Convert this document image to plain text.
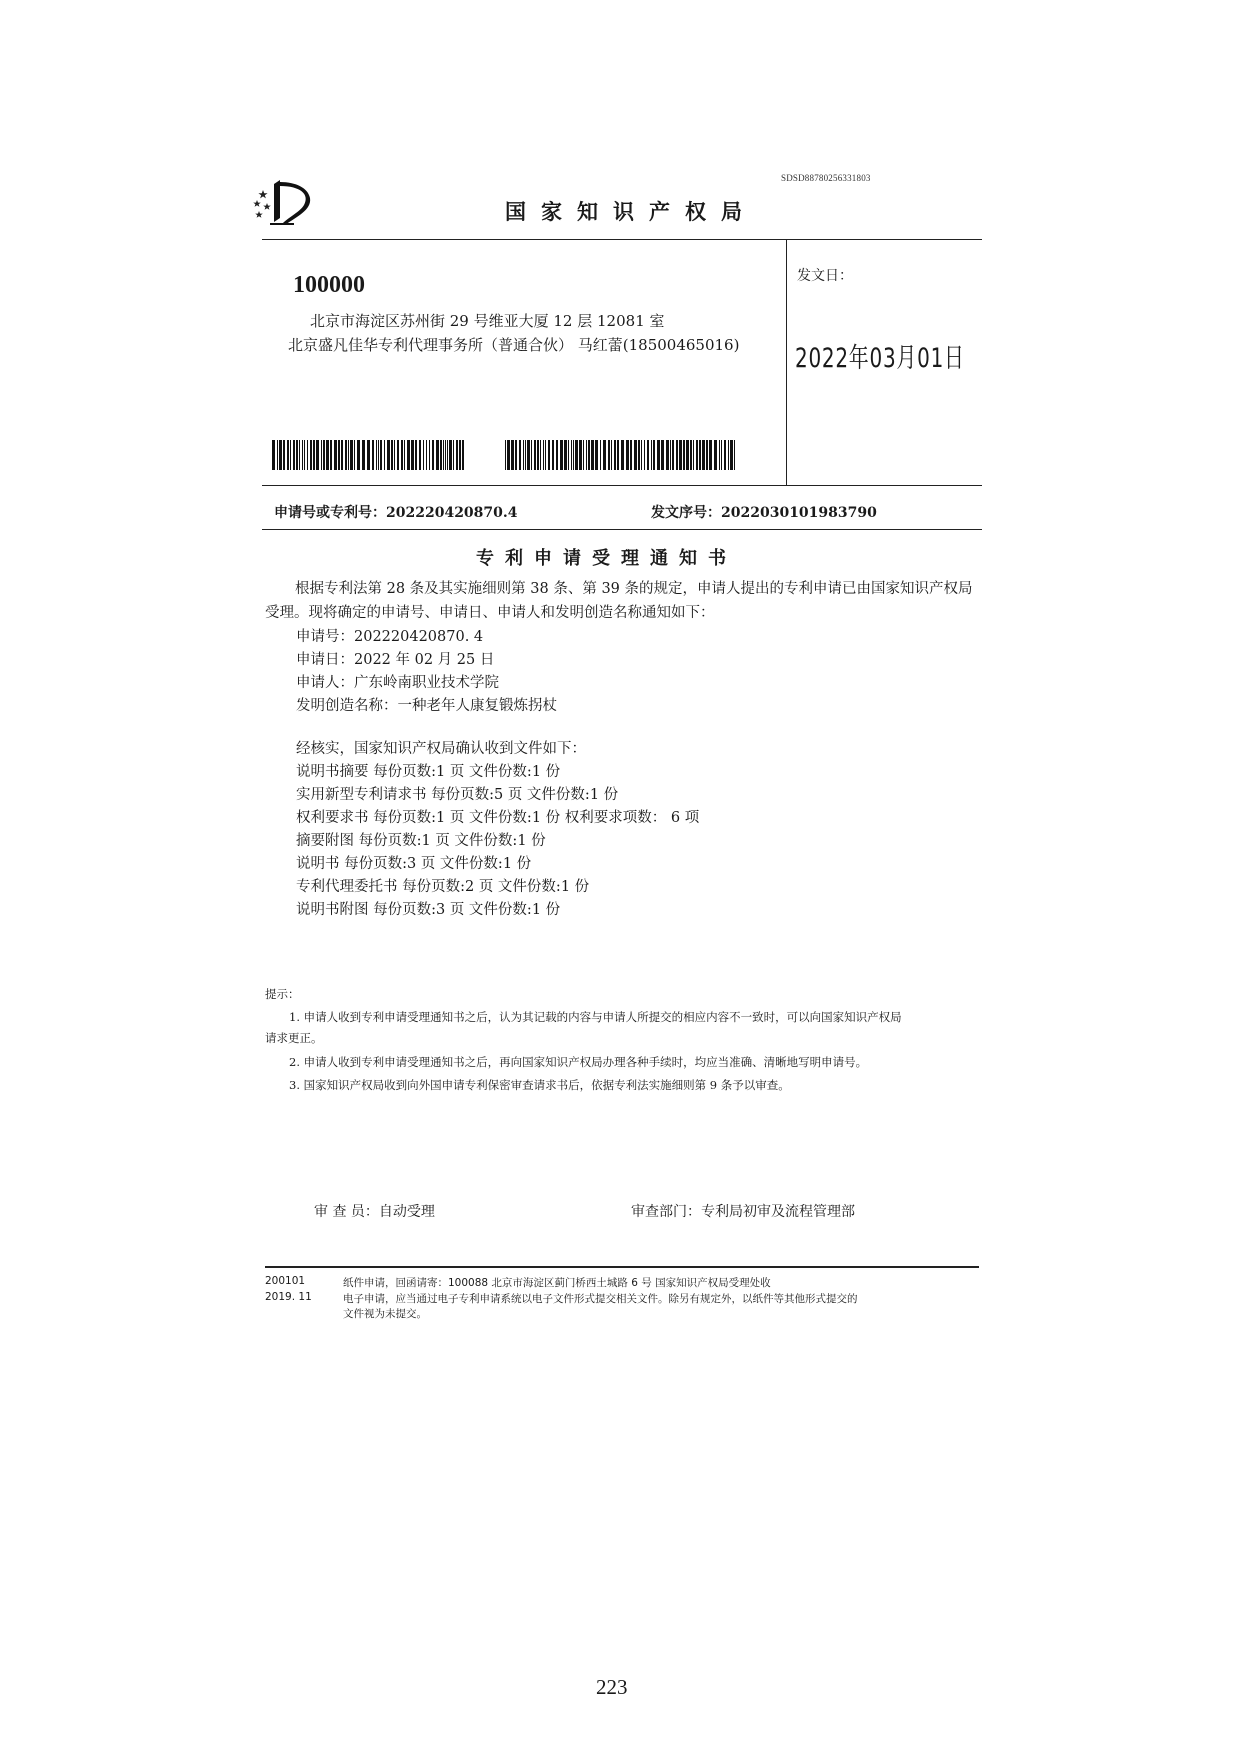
SDSD88780256331803
国家知识产权局
100000
北京市海淀区苏州街 29 号维亚大厦 12 层 12081 室
北京盛凡佳华专利代理事务所（普通合伙） 马红蕾(18500465016)
发文日：
2022年03月01日
申请号或专利号：202220420870.4	发文序号：2022030101983790
专利申请受理通知书
根据专利法第 28 条及其实施细则第 38 条、第 39 条的规定，申请人提出的专利申请已由国家知识产权局受理。现将确定的申请号、申请日、申请人和发明创造名称通知如下：
申请号：202220420870. 4
申请日：2022 年 02 月 25 日
申请人：广东岭南职业技术学院
发明创造名称：一种老年人康复锻炼拐杖
经核实，国家知识产权局确认收到文件如下：
说明书摘要 每份页数:1 页 文件份数:1 份
实用新型专利请求书 每份页数:5 页 文件份数:1 份
权利要求书 每份页数:1 页 文件份数:1 份 权利要求项数： 6 项
摘要附图 每份页数:1 页 文件份数:1 份
说明书 每份页数:3 页 文件份数:1 份
专利代理委托书 每份页数:2 页 文件份数:1 份
说明书附图 每份页数:3 页 文件份数:1 份
提示：
1. 申请人收到专利申请受理通知书之后，认为其记载的内容与申请人所提交的相应内容不一致时，可以向国家知识产权局
请求更正。
2. 申请人收到专利申请受理通知书之后，再向国家知识产权局办理各种手续时，均应当准确、清晰地写明申请号。
3. 国家知识产权局收到向外国申请专利保密审查请求书后，依据专利法实施细则第 9 条予以审查。
审 查 员：自动受理	审查部门：专利局初审及流程管理部
200101
2019. 11
纸件申请，回函请寄：100088 北京市海淀区蓟门桥西土城路 6 号 国家知识产权局受理处收
电子申请，应当通过电子专利申请系统以电子文件形式提交相关文件。除另有规定外，以纸件等其他形式提交的
文件视为未提交。
223
